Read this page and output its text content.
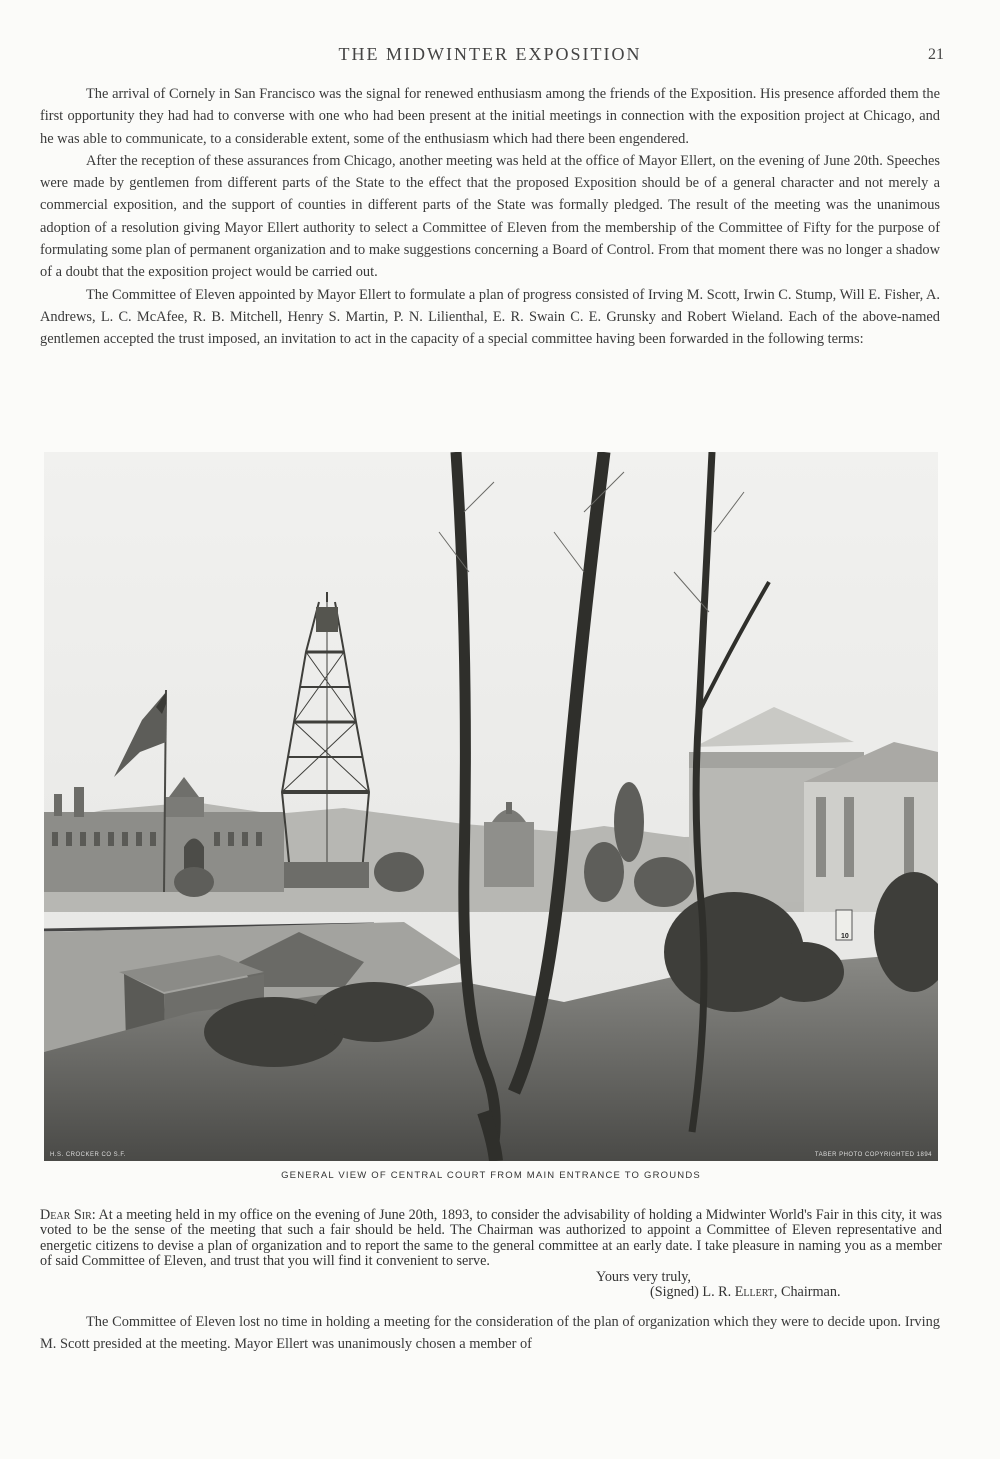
THE MIDWINTER EXPOSITION	21

The arrival of Cornely in San Francisco was the signal for renewed enthusiasm among the friends of the Exposition. His presence afforded them the first opportunity they had had to converse with one who had been present at the initial meetings in connection with the exposition project at Chicago, and he was able to communicate, to a considerable extent, some of the enthusiasm which had there been engendered.

After the reception of these assurances from Chicago, another meeting was held at the office of Mayor Ellert, on the evening of June 20th. Speeches were made by gentlemen from different parts of the State to the effect that the proposed Exposition should be of a general character and not merely a commercial exposition, and the support of counties in different parts of the State was formally pledged. The result of the meeting was the unanimous adoption of a resolution giving Mayor Ellert authority to select a Committee of Eleven from the membership of the Committee of Fifty for the purpose of formulating some plan of permanent organization and to make suggestions concerning a Board of Control. From that moment there was no longer a shadow of a doubt that the exposition project would be carried out.

The Committee of Eleven appointed by Mayor Ellert to formulate a plan of progress consisted of Irving M. Scott, Irwin C. Stump, Will E. Fisher, A. Andrews, L. C. McAfee, R. B. Mitchell, Henry S. Martin, P. N. Lilienthal, E. R. Swain C. E. Grunsky and Robert Wieland. Each of the above-named gentlemen accepted the trust imposed, an invitation to act in the capacity of a special committee having been forwarded in the following terms:

10
H.S. CROCKER CO S.F.	TABER PHOTO COPYRIGHTED 1894
GENERAL VIEW OF CENTRAL COURT FROM MAIN ENTRANCE TO GROUNDS

Dear Sir: At a meeting held in my office on the evening of June 20th, 1893, to consider the advisability of holding a Midwinter World's Fair in this city, it was voted to be the sense of the meeting that such a fair should be held. The Chairman was authorized to appoint a Committee of Eleven representative and energetic citizens to devise a plan of organization and to report the same to the general committee at an early date. I take pleasure in naming you as a member of said Committee of Eleven, and trust that you will find it convenient to serve.

Yours very truly,
(Signed) L. R. Ellert, Chairman.

The Committee of Eleven lost no time in holding a meeting for the consideration of the plan of organization which they were to decide upon. Irving M. Scott presided at the meeting. Mayor Ellert was unanimously chosen a member of
